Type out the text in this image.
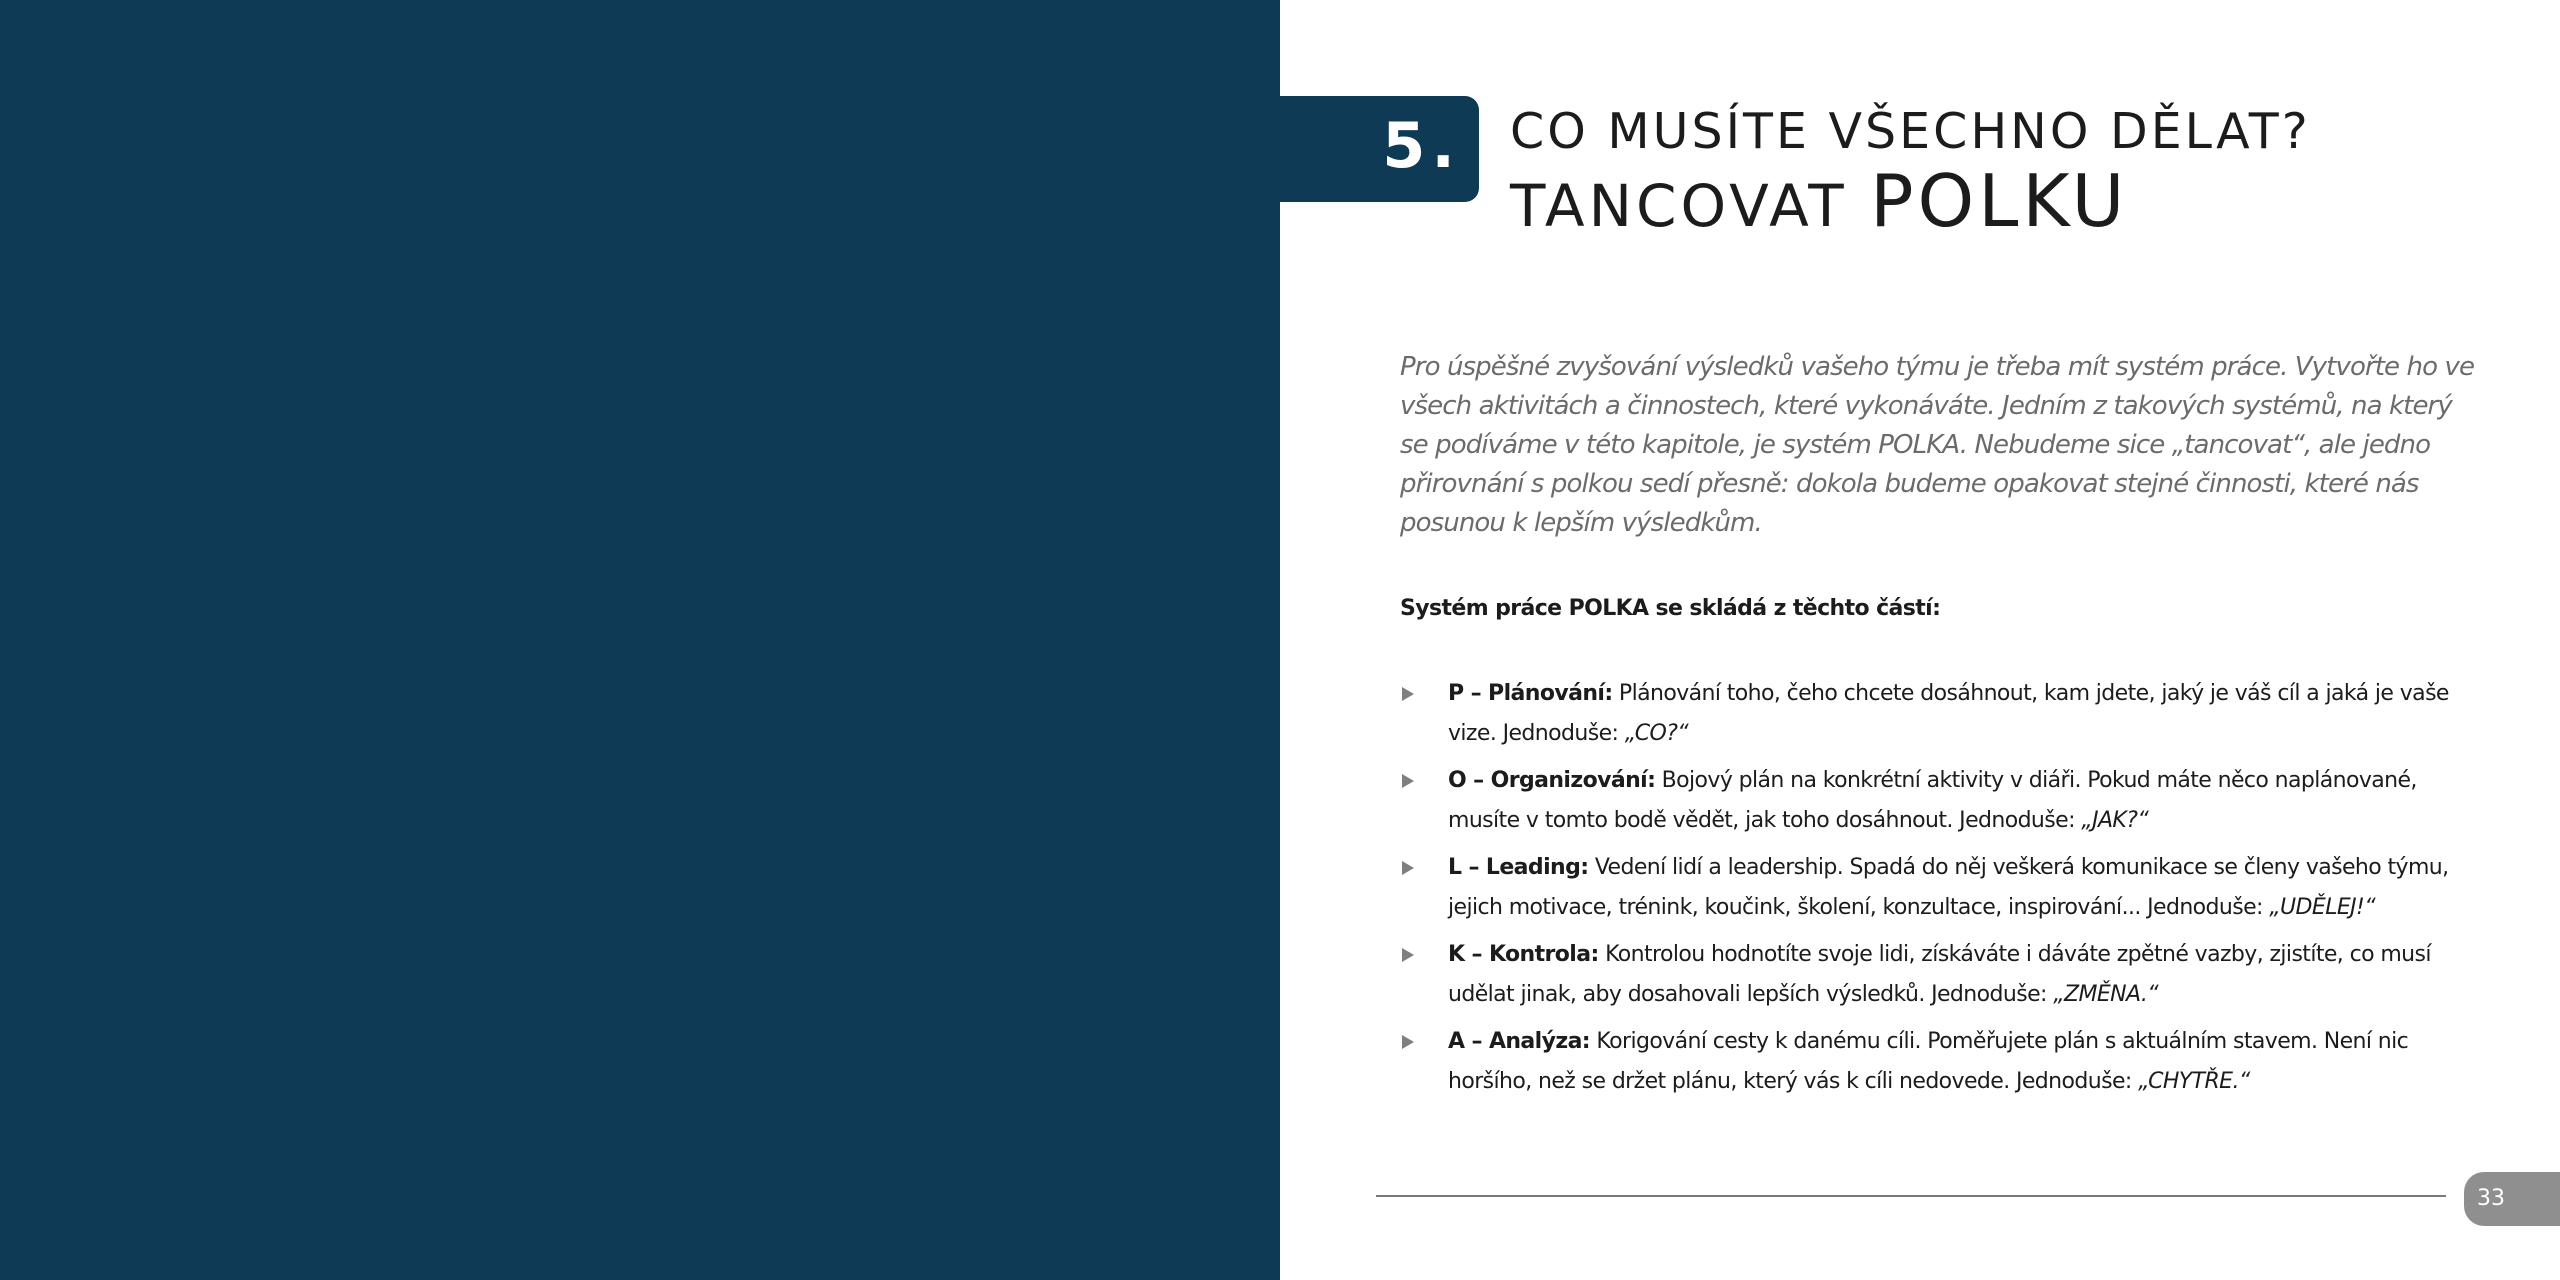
5. CO MUSÍTE VŠECHNO DĚLAT?
TANCOVAT POLKU

Pro úspěšné zvyšování výsledků vašeho týmu je třeba mít systém práce. Vytvořte ho ve všech aktivitách a činnostech, které vykonáváte. Jedním z takových systémů, na který se podíváme v této kapitole, je systém POLKA. Nebudeme sice „tancovat“, ale jedno přirovnání s polkou sedí přesně: dokola budeme opakovat stejné činnosti, které nás posunou k lepším výsledkům.

Systém práce POLKA se skládá z těchto částí:

P – Plánování: Plánování toho, čeho chcete dosáhnout, kam jdete, jaký je váš cíl a jaká je vaše vize. Jednoduše: „CO?“
O – Organizování: Bojový plán na konkrétní aktivity v diáři. Pokud máte něco naplánované, musíte v tomto bodě vědět, jak toho dosáhnout. Jednoduše: „JAK?“
L – Leading: Vedení lidí a leadership. Spadá do něj veškerá komunikace se členy vašeho týmu, jejich motivace, trénink, koučink, školení, konzultace, inspirování... Jednoduše: „UDĚLEJ!“
K – Kontrola: Kontrolou hodnotíte svoje lidi, získáváte i dáváte zpětné vazby, zjistíte, co musí udělat jinak, aby dosahovali lepších výsledků. Jednoduše: „ZMĚNA.“
A – Analýza: Korigování cesty k danému cíli. Poměřujete plán s aktuálním stavem. Není nic horšího, než se držet plánu, který vás k cíli nedovede. Jednoduše: „CHYTŘE.“
33
